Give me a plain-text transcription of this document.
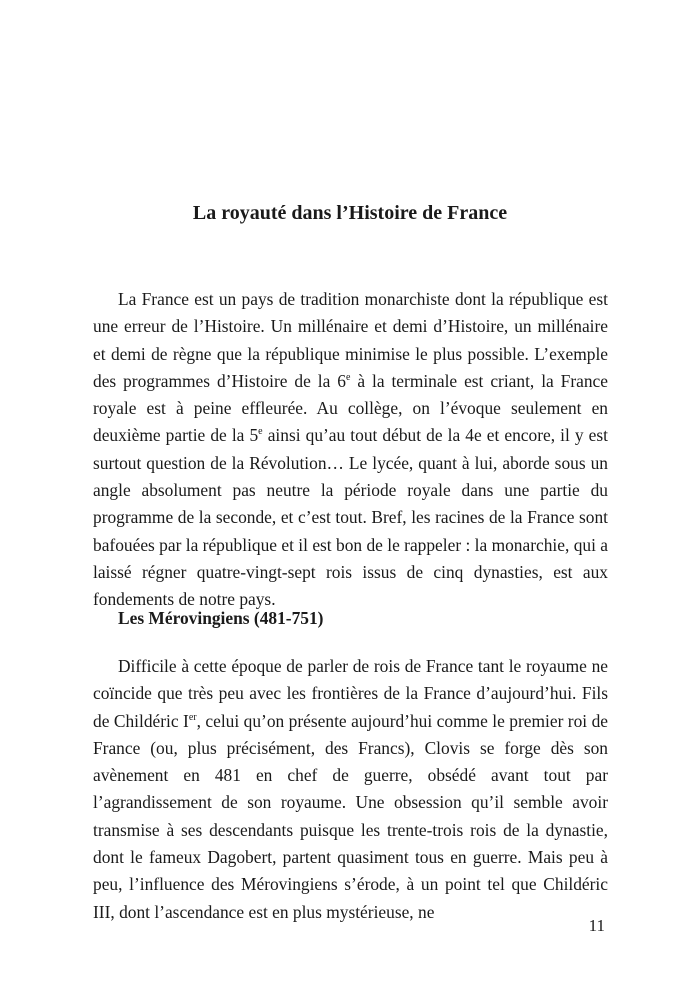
La royauté dans l’Histoire de France

La France est un pays de tradition monarchiste dont la république est une erreur de l’Histoire. Un millénaire et demi d’Histoire, un millénaire et demi de règne que la république minimise le plus possible. L’exemple des programmes d’Histoire de la 6e à la terminale est criant, la France royale est à peine effleurée. Au collège, on l’évoque seulement en deuxième partie de la 5e ainsi qu’au tout début de la 4e et encore, il y est surtout question de la Révolution… Le lycée, quant à lui, aborde sous un angle absolument pas neutre la période royale dans une partie du programme de la seconde, et c’est tout. Bref, les racines de la France sont bafouées par la république et il est bon de le rappeler : la monarchie, qui a laissé régner quatre-vingt-sept rois issus de cinq dynasties, est aux fondements de notre pays.

Les Mérovingiens (481-751)

Difficile à cette époque de parler de rois de France tant le royaume ne coïncide que très peu avec les frontières de la France d’aujourd’hui. Fils de Childéric Ier, celui qu’on présente aujourd’hui comme le premier roi de France (ou, plus précisément, des Francs), Clovis se forge dès son avènement en 481 en chef de guerre, obsédé avant tout par l’agrandissement de son royaume. Une obsession qu’il semble avoir transmise à ses descendants puisque les trente-trois rois de la dynastie, dont le fameux Dagobert, partent quasiment tous en guerre. Mais peu à peu, l’influence des Mérovingiens s’érode, à un point tel que Childéric III, dont l’ascendance est en plus mystérieuse, ne

11
